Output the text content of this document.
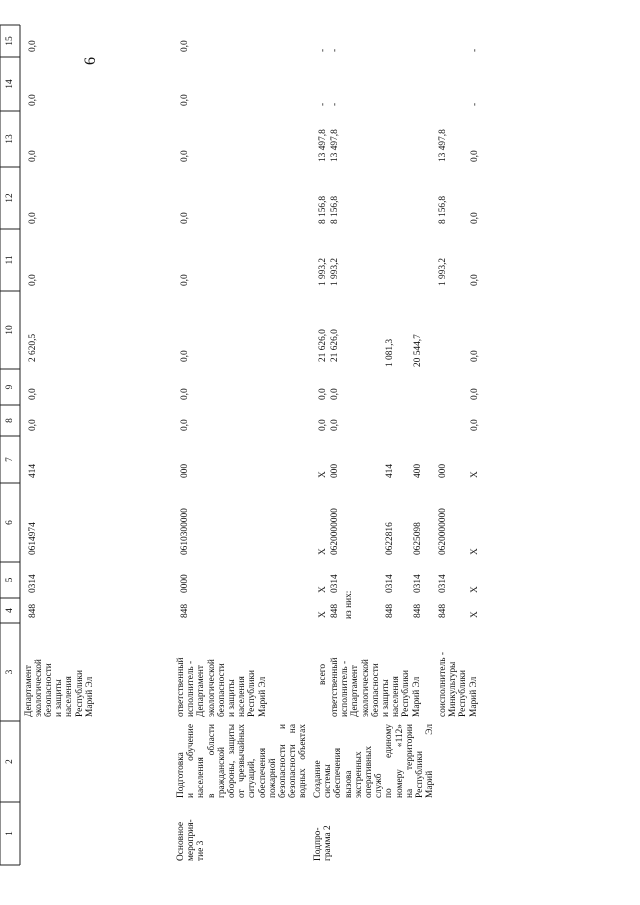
6
1
2
3
4
5
6
7
8
9
10
11
12
13
14
15
Департамент экологической безопасности и защиты населения Республики Марий Эл
848
0314
0614974
414
0,0
0,0
2 620,5
0,0
0,0
0,0
0,0
0,0
Основное мероприя- тие 3
Подготовка и обучение населения в области гражданской обороны, защиты от чрезвычайных ситуаций, обеспечения пожарной безопасности и безопасности на водных объектах
ответственный исполнитель - Департамент экологической безопасности и защиты населения Республики Марий Эл
848
0000
0610300000
000
0,0
0,0
0,0
0,0
0,0
0,0
0,0
0,0
Подпро- грамма 2
Создание системы обеспечения вызова экстренных оперативных служб по единому номеру «112» на территории Республики Марий Эл
всего
X
X
X
X
0,0
0,0
21 626,0
1 993,2
8 156,8
13 497,8
-
-
ответственный исполнитель - Департамент экологической безопасности и защиты населения Республики Марий Эл
848
0314
0620000000
000
0,0
0,0
21 626,0
1 993,2
8 156,8
13 497,8
-
-
из них:	848
0314
0622816
414
1 081,3
848
0314
0625098
400
20 544,7
соисполнитель - Минкультуры Республики Марий Эл
848
0314
0620000000
000
1 993,2
8 156,8
13 497,8
X
X
X
X
0,0
0,0
0,0
0,0
0,0
0,0
-
-
